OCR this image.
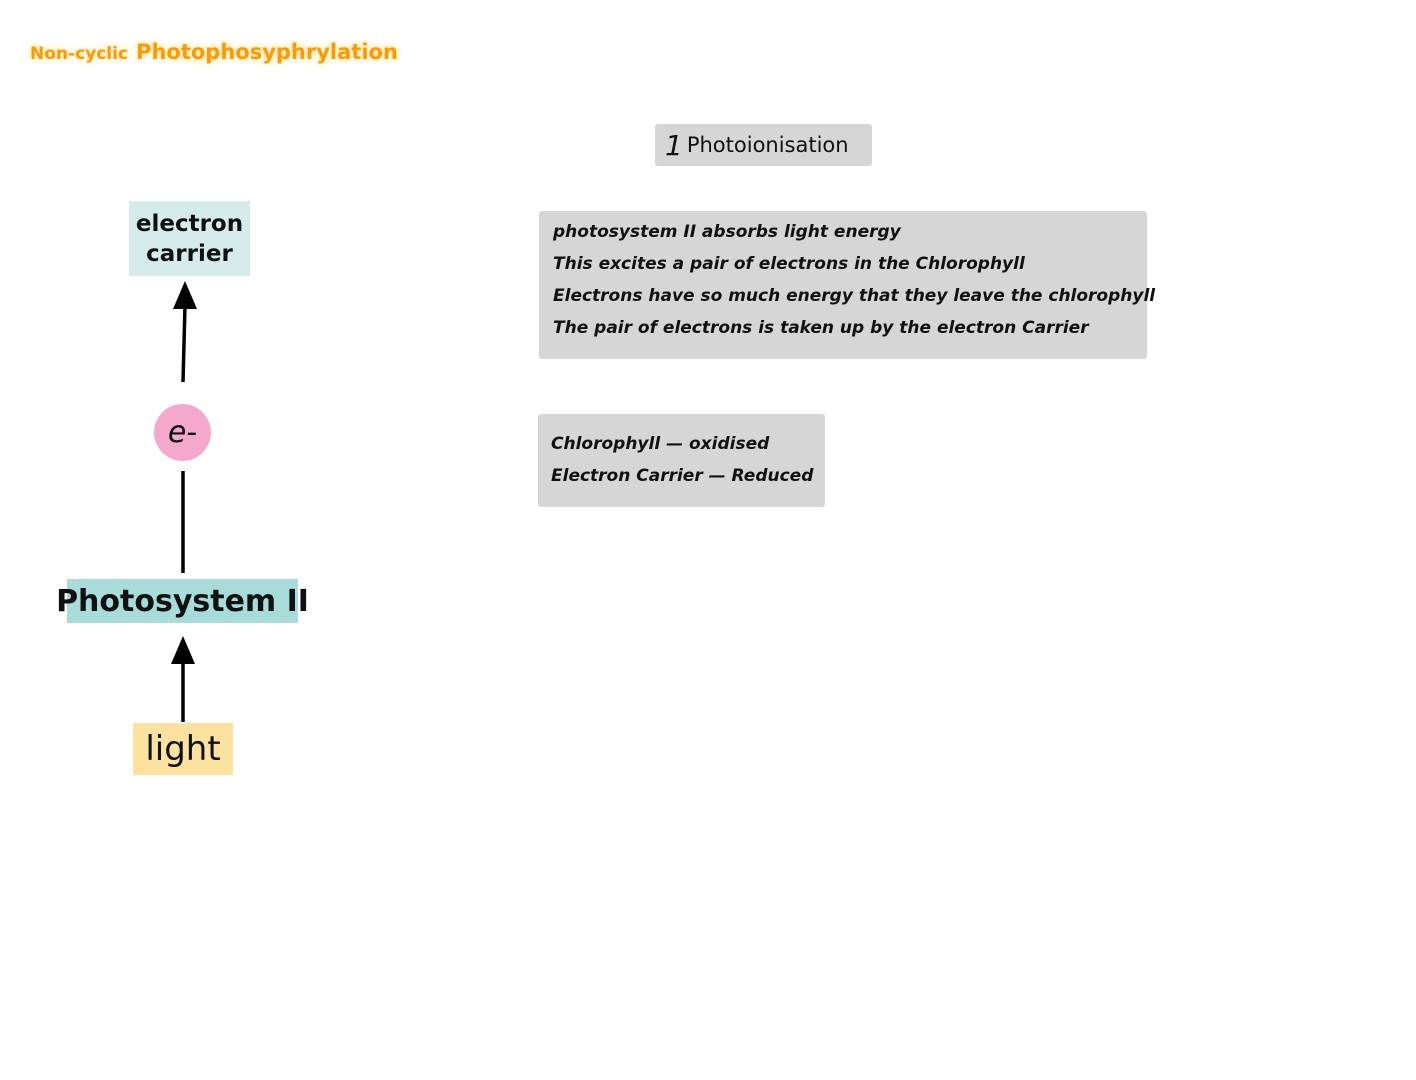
Non-cyclic Photophosyphrylation
electron
carrier
e-
Photosystem II
light
1 Photoionisation
photosystem II absorbs light energy
This excites a pair of electrons in the Chlorophyll
Electrons have so much energy that they leave the chlorophyll
The pair of electrons is taken up by the electron Carrier
Chlorophyll — oxidised
Electron Carrier — Reduced
